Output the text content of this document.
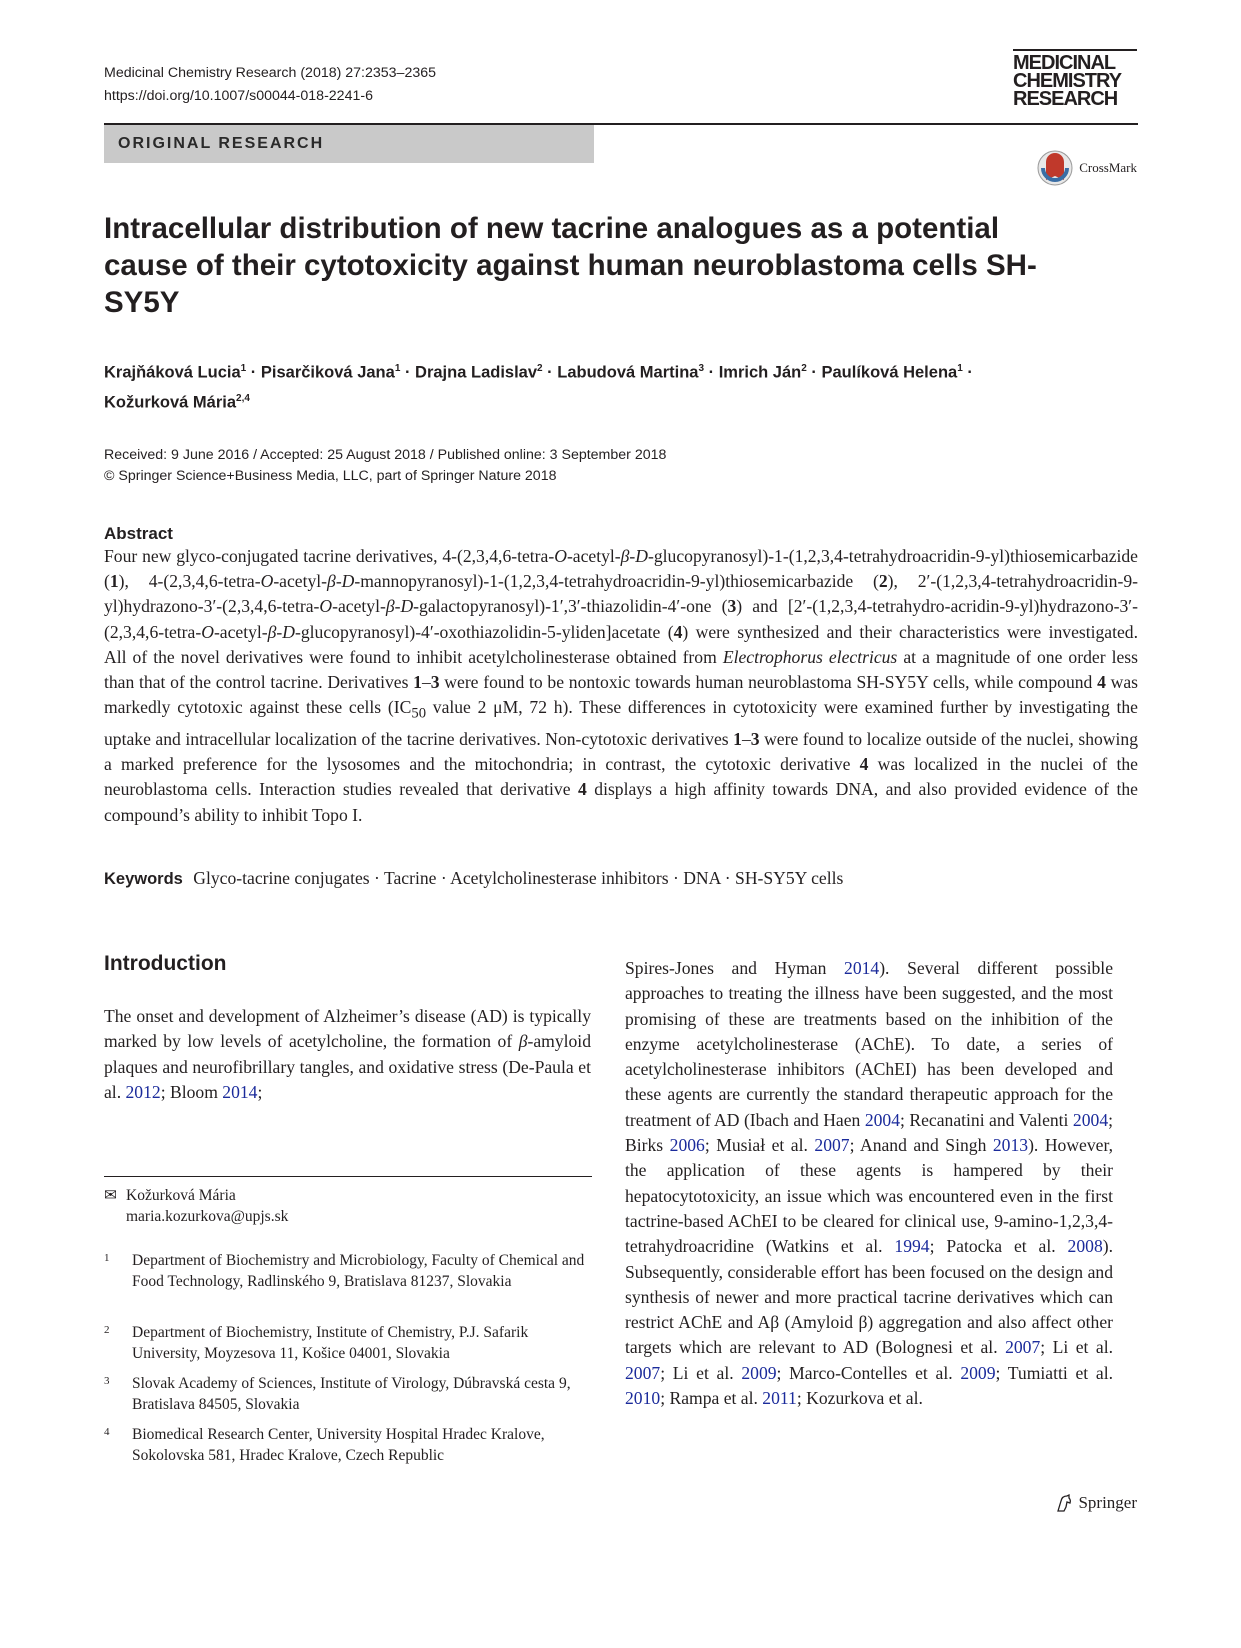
Medicinal Chemistry Research (2018) 27:2353–2365
https://doi.org/10.1007/s00044-018-2241-6
MEDICINAL
CHEMISTRY
RESEARCH
ORIGINAL RESEARCH
CrossMark
Intracellular distribution of new tacrine analogues as a potential cause of their cytotoxicity against human neuroblastoma cells SH-SY5Y
Krajňáková Lucia$^1$ · Pisarčiková Jana$^1$ · Drajna Ladislav$^2$ · Labudová Martina$^3$ · Imrich Ján$^2$ · Paulíková Helena$^1$ ·
Kožurková Mária$^{2,4}$
Received: 9 June 2016 / Accepted: 25 August 2018 / Published online: 3 September 2018
© Springer Science+Business Media, LLC, part of Springer Nature 2018
Abstract
Four new glyco-conjugated tacrine derivatives, 4-(2,3,4,6-tetra-O-acetyl-β-D-glucopyranosyl)-1-(1,2,3,4-tetrahydroacridin-9-yl)thiosemicarbazide (1), 4-(2,3,4,6-tetra-O-acetyl-β-D-mannopyranosyl)-1-(1,2,3,4-tetrahydroacridin-9-yl)thiosemicarbazide (2), 2′-(1,2,3,4-tetrahydroacridin-9-yl)hydrazono-3′-(2,3,4,6-tetra-O-acetyl-β-D-galactopyranosyl)-1′,3′-thiazolidin-4′-one (3) and [2′-(1,2,3,4-tetrahydro-acridin-9-yl)hydrazono-3′-(2,3,4,6-tetra-O-acetyl-β-D-glucopyranosyl)-4′-oxothiazolidin-5-yliden]acetate (4) were synthesized and their characteristics were investigated. All of the novel derivatives were found to inhibit acetylcholinesterase obtained from Electrophorus electricus at a magnitude of one order less than that of the control tacrine. Derivatives 1–3 were found to be nontoxic towards human neuroblastoma SH-SY5Y cells, while compound 4 was markedly cytotoxic against these cells ($IC_{50}$ value 2 μM, 72 h). These differences in cytotoxicity were examined further by investigating the uptake and intracellular localization of the tacrine derivatives. Non-cytotoxic derivatives 1–3 were found to localize outside of the nuclei, showing a marked preference for the lysosomes and the mitochondria; in contrast, the cytotoxic derivative 4 was localized in the nuclei of the neuroblastoma cells. Interaction studies revealed that derivative 4 displays a high affinity towards DNA, and also provided evidence of the compound’s ability to inhibit Topo I.
Keywords Glyco-tacrine conjugates · Tacrine · Acetylcholinesterase inhibitors · DNA · SH-SY5Y cells
Introduction
The onset and development of Alzheimer’s disease (AD) is typically marked by low levels of acetylcholine, the formation of β-amyloid plaques and neurofibrillary tangles, and oxidative stress (De-Paula et al. 2012; Bloom 2014;
Spires-Jones and Hyman 2014). Several different possible approaches to treating the illness have been suggested, and the most promising of these are treatments based on the inhibition of the enzyme acetylcholinesterase (AChE). To date, a series of acetylcholinesterase inhibitors (AChEI) has been developed and these agents are currently the standard therapeutic approach for the treatment of AD (Ibach and Haen 2004; Recanatini and Valenti 2004; Birks 2006; Musiał et al. 2007; Anand and Singh 2013). However, the application of these agents is hampered by their hepatocytotoxicity, an issue which was encountered even in the first tactrine-based AChEI to be cleared for clinical use, 9-amino-1,2,3,4-tetrahydroacridine (Watkins et al. 1994; Patocka et al. 2008). Subsequently, considerable effort has been focused on the design and synthesis of newer and more practical tacrine derivatives which can restrict AChE and Aβ (Amyloid β) aggregation and also affect other targets which are relevant to AD (Bolognesi et al. 2007; Li et al. 2007; Li et al. 2009; Marco-Contelles et al. 2009; Tumiatti et al. 2010; Rampa et al. 2011; Kozurkova et al.
✉ Kožurková Mária
maria.kozurkova@upjs.sk
1 Department of Biochemistry and Microbiology, Faculty of Chemical and Food Technology, Radlinského 9, Bratislava 81237, Slovakia
2 Department of Biochemistry, Institute of Chemistry, P.J. Safarik University, Moyzesova 11, Košice 04001, Slovakia
3 Slovak Academy of Sciences, Institute of Virology, Dúbravská cesta 9, Bratislava 84505, Slovakia
4 Biomedical Research Center, University Hospital Hradec Kralove, Sokolovska 581, Hradec Kralove, Czech Republic
Springer
